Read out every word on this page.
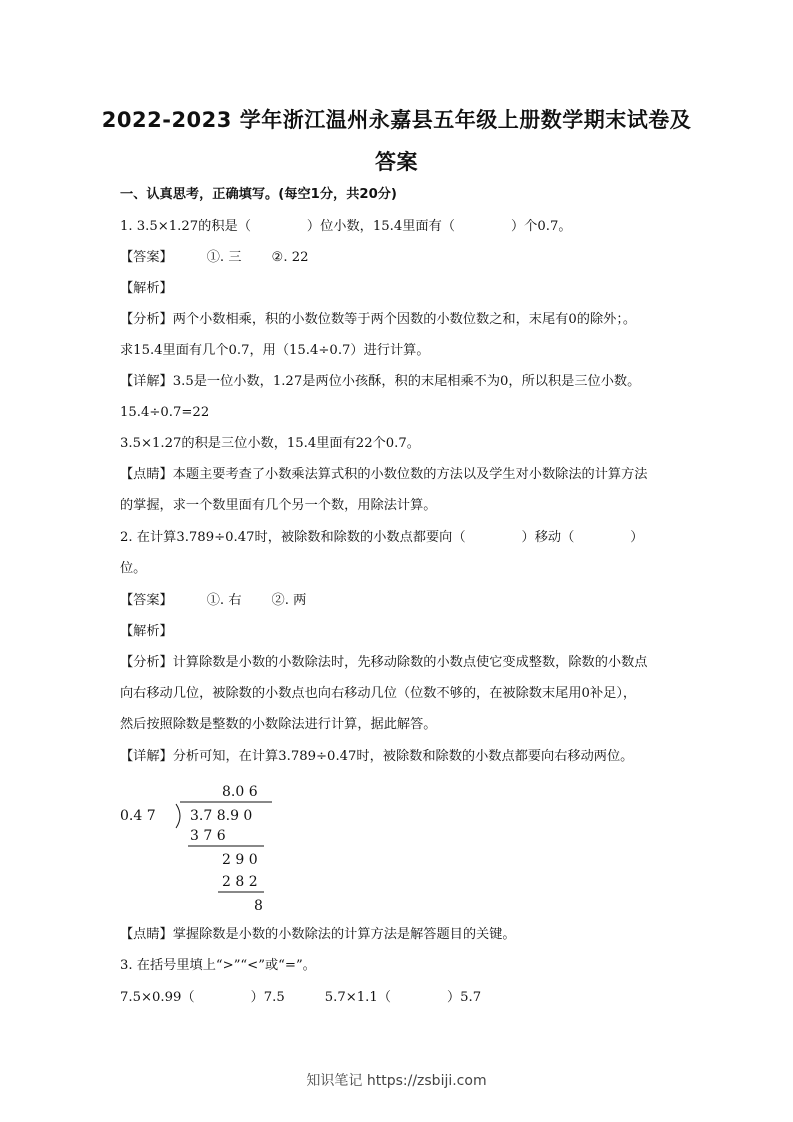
2022-2023 学年浙江温州永嘉县五年级上册数学期末试卷及
答案
一、认真思考，正确填写。(每空1分，共20分)
1. 3.5×1.27的积是（	）位小数，15.4里面有（	）个0.7。
【答案】	①. 三 ②. 22
【解析】
【分析】两个小数相乘，积的小数位数等于两个因数的小数位数之和，末尾有0的除外；。
求15.4里面有几个0.7，用（15.4÷0.7）进行计算。
【详解】3.5是一位小数，1.27是两位小孩酥，积的末尾相乘不为0，所以积是三位小数。
15.4÷0.7=22
3.5×1.27的积是三位小数，15.4里面有22个0.7。
【点睛】本题主要考查了小数乘法算式积的小数位数的方法以及学生对小数除法的计算方法
的掌握，求一个数里面有几个另一个数，用除法计算。
2. 在计算3.789÷0.47时，被除数和除数的小数点都要向（	）移动（	）
位。
【答案】	①. 右 ②. 两
【解析】
【分析】计算除数是小数的小数除法时，先移动除数的小数点使它变成整数，除数的小数点
向右移动几位，被除数的小数点也向右移动几位（位数不够的，在被除数末尾用0补足），
然后按照除数是整数的小数除法进行计算，据此解答。
【详解】分析可知，在计算3.789÷0.47时，被除数和除数的小数点都要向右移动两位。
8.0 6
0.4 7 3.7 8.9 0
3 7 6
2 9 0
2 8 2
8
【点睛】掌握除数是小数的小数除法的计算方法是解答题目的关键。
3. 在括号里填上“>”“<”或“=”。
7.5×0.99（	）7.5	5.7×1.1（	）5.7
知识笔记 https://zsbiji.com
